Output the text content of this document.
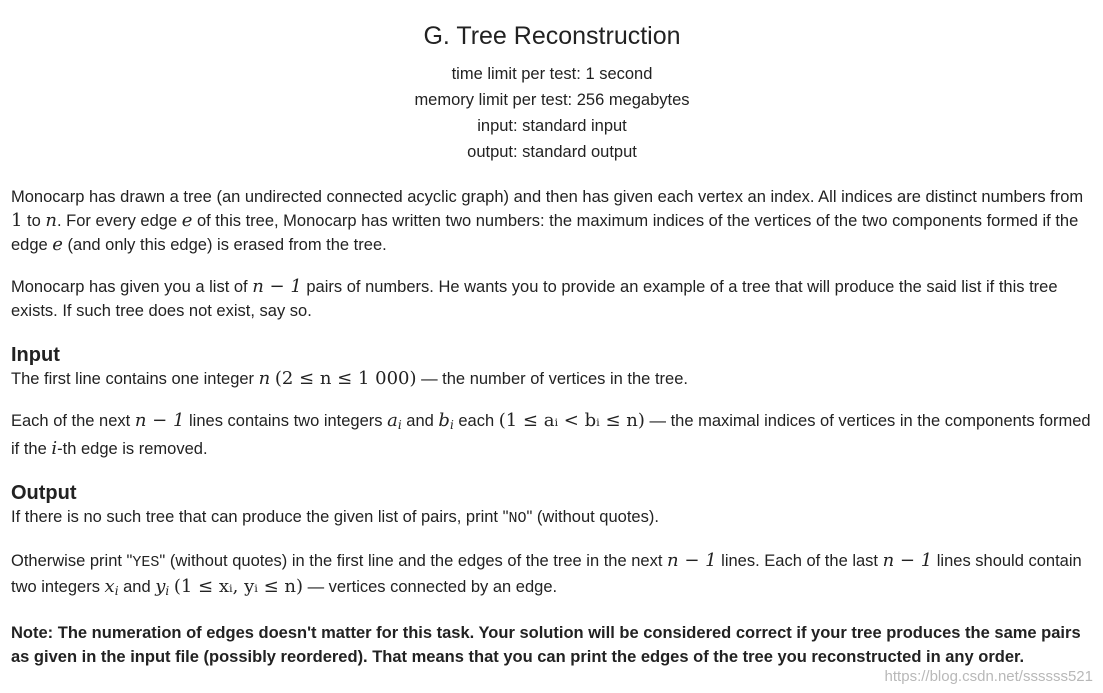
G. Tree Reconstruction
time limit per test: 1 second
memory limit per test: 256 megabytes
input: standard input
output: standard output

Monocarp has drawn a tree (an undirected connected acyclic graph) and then has given each vertex an index. All indices are distinct numbers from 1 to n. For every edge e of this tree, Monocarp has written two numbers: the maximum indices of the vertices of the two components formed if the edge e (and only this edge) is erased from the tree.

Monocarp has given you a list of n − 1 pairs of numbers. He wants you to provide an example of a tree that will produce the said list if this tree exists. If such tree does not exist, say so.

Input

The first line contains one integer n (2 ≤ n ≤ 1 000) — the number of vertices in the tree.

Each of the next n − 1 lines contains two integers $a_i$ and $b_i$ each (1 ≤ aᵢ < bᵢ ≤ n) — the maximal indices of vertices in the components formed if the i-th edge is removed.

Output

If there is no such tree that can produce the given list of pairs, print "NO" (without quotes).

Otherwise print "YES" (without quotes) in the first line and the edges of the tree in the next n − 1 lines. Each of the last n − 1 lines should contain two integers $x_i$ and $y_i$ (1 ≤ xᵢ, yᵢ ≤ n) — vertices connected by an edge.

Note: The numeration of edges doesn't matter for this task. Your solution will be considered correct if your tree produces the same pairs as given in the input file (possibly reordered). That means that you can print the edges of the tree you reconstructed in any order.

https://blog.csdn.net/ssssss521
